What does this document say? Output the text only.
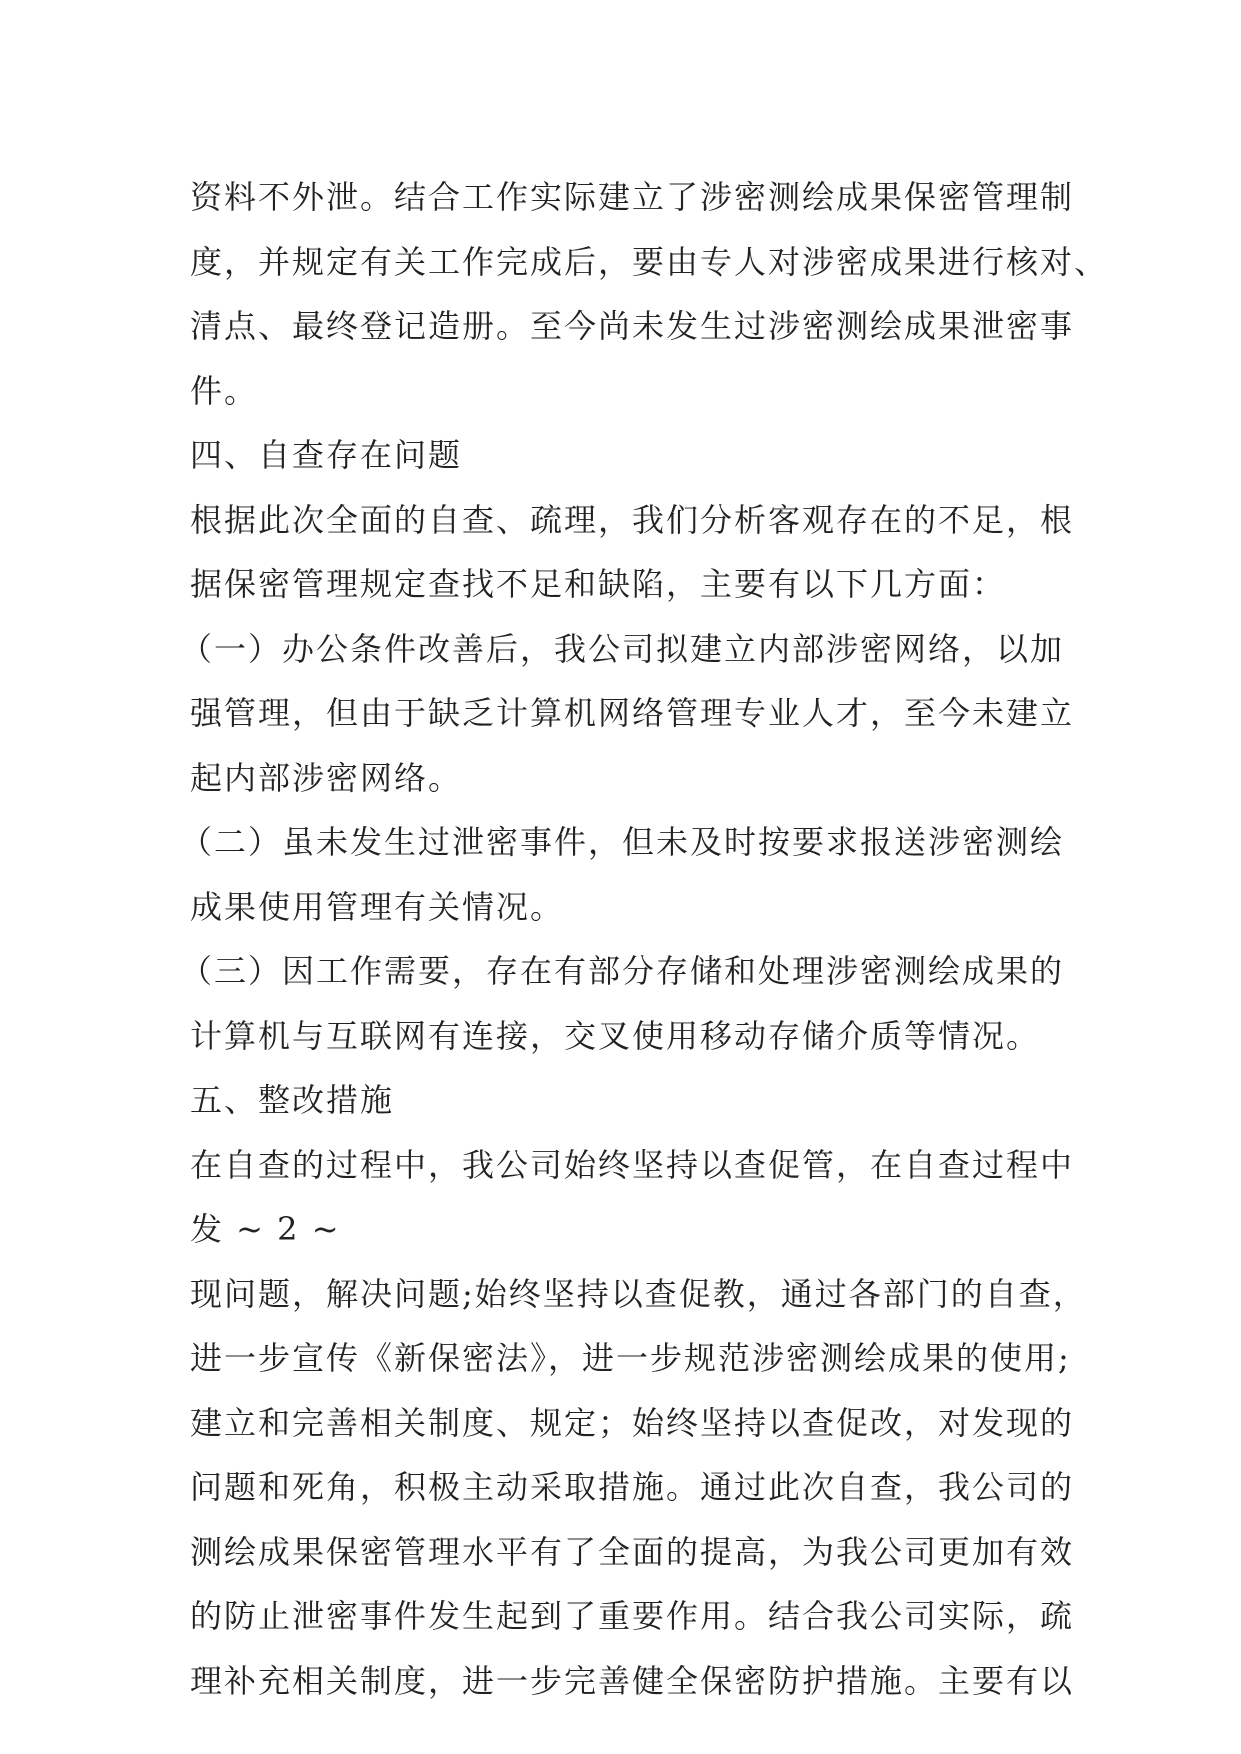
资料不外泄。结合工作实际建立了涉密测绘成果保密管理制
度，并规定有关工作完成后，要由专人对涉密成果进行核对、
清点、最终登记造册。至今尚未发生过涉密测绘成果泄密事
件。
四、自查存在问题
根据此次全面的自查、疏理，我们分析客观存在的不足，根
据保密管理规定查找不足和缺陷，主要有以下几方面：
（一）办公条件改善后，我公司拟建立内部涉密网络，以加
强管理，但由于缺乏计算机网络管理专业人才，至今未建立
起内部涉密网络。
（二）虽未发生过泄密事件，但未及时按要求报送涉密测绘
成果使用管理有关情况。
（三）因工作需要，存在有部分存储和处理涉密测绘成果的
计算机与互联网有连接，交叉使用移动存储介质等情况。
五、整改措施
在自查的过程中，我公司始终坚持以查促管，在自查过程中
发 ~ 2 ~
现问题，解决问题;始终坚持以查促教，通过各部门的自查，
进一步宣传《新保密法》，进一步规范涉密测绘成果的使用;
建立和完善相关制度、规定；始终坚持以查促改，对发现的
问题和死角，积极主动采取措施。通过此次自查，我公司的
测绘成果保密管理水平有了全面的提高，为我公司更加有效
的防止泄密事件发生起到了重要作用。结合我公司实际，疏
理补充相关制度，进一步完善健全保密防护措施。主要有以
